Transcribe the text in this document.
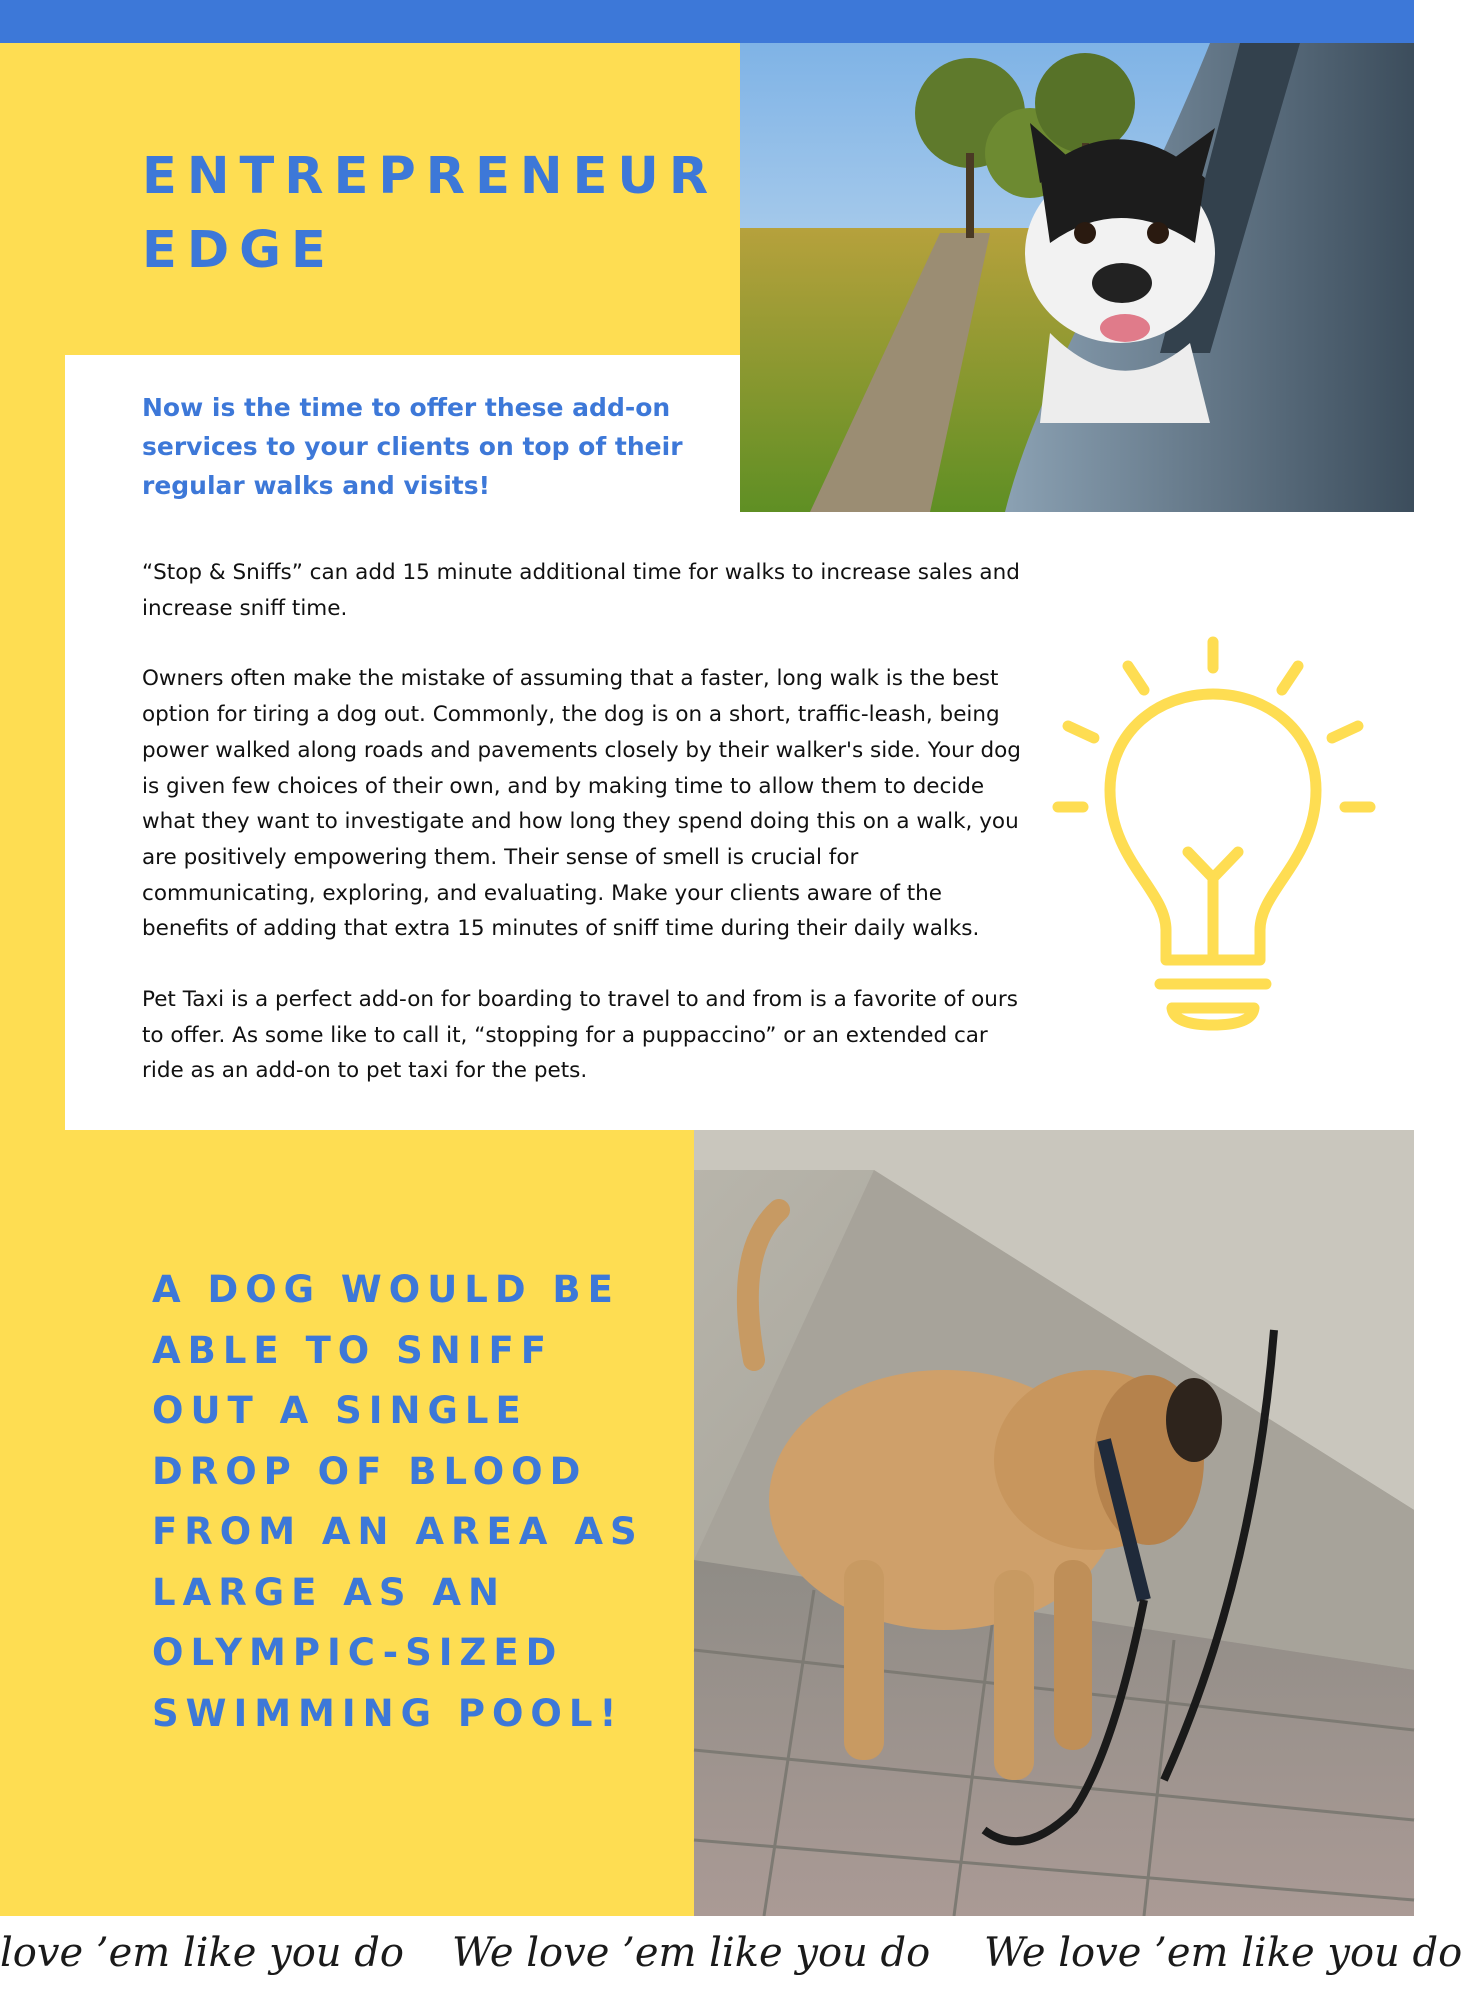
ENTREPRENEUR EDGE

Now is the time to offer these add-on services to your clients on top of their regular walks and visits!

“Stop & Sniffs” can add 15 minute additional time for walks to increase sales and increase sniff time.

Owners often make the mistake of assuming that a faster, long walk is the best option for tiring a dog out. Commonly, the dog is on a short, traffic-leash, being power walked along roads and pavements closely by their walker's side. Your dog is given few choices of their own, and by making time to allow them to decide what they want to investigate and how long they spend doing this on a walk, you are positively empowering them. Their sense of smell is crucial for communicating, exploring, and evaluating. Make your clients aware of the benefits of adding that extra 15 minutes of sniff time during their daily walks.

Pet Taxi is a perfect add-on for boarding to travel to and from is a favorite of ours to offer. As some like to call it, “stopping for a puppaccino” or an extended car ride as an add-on to pet taxi for the pets.

A DOG WOULD BE ABLE TO SNIFF OUT A SINGLE DROP OF BLOOD FROM AN AREA AS LARGE AS AN OLYMPIC-SIZED SWIMMING POOL!

love ’em like you do We love ’em like you do We love ’em like you do
